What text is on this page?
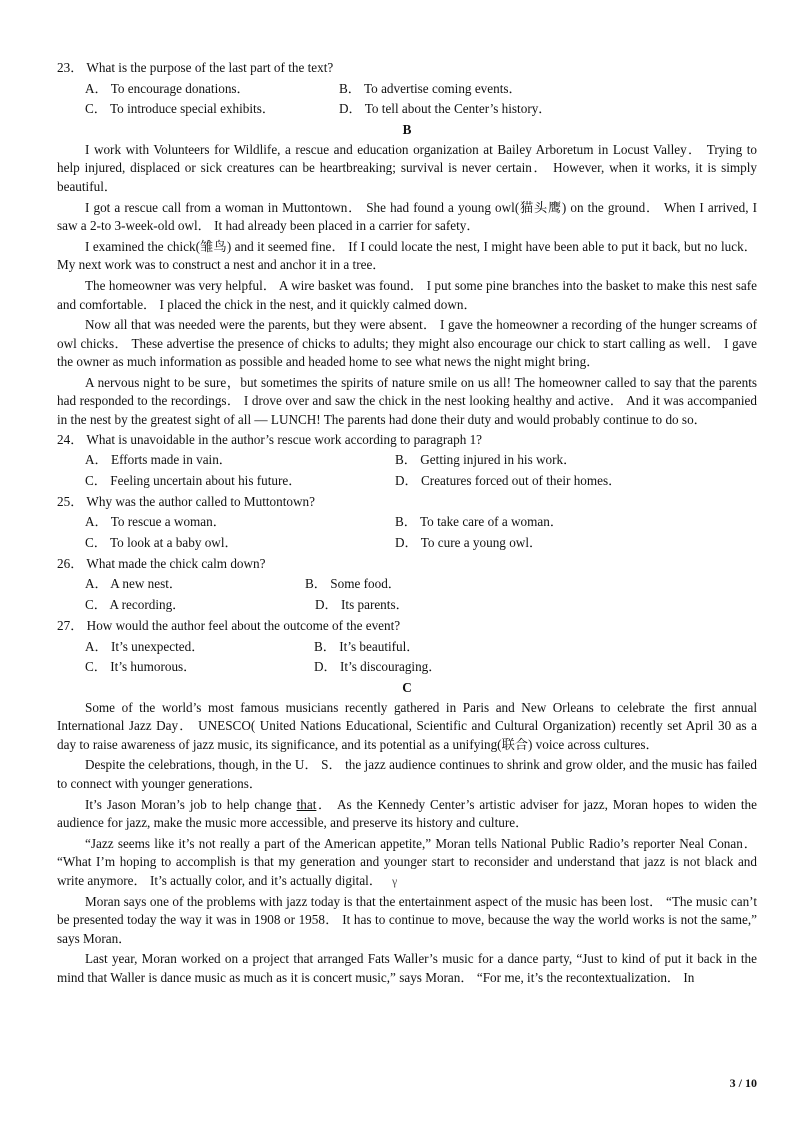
23． What is the purpose of the last part of the text?
A． To encourage donations．	B． To advertise coming events．
C． To introduce special exhibits．	D． To tell about the Center’s history．
B

I work with Volunteers for Wildlife, a rescue and education organization at Bailey Arboretum in Locust Valley． Trying to help injured, displaced or sick creatures can be heartbreaking; survival is never certain． However, when it works, it is simply beautiful．

I got a rescue call from a woman in Muttontown． She had found a young owl(猫头鹰) on the ground． When I arrived, I saw a 2-to 3-week-old owl． It had already been placed in a carrier for safety．

I examined the chick(雏鸟) and it seemed fine． If I could locate the nest, I might have been able to put it back, but no luck． My next work was to construct a nest and anchor it in a tree．

The homeowner was very helpful． A wire basket was found． I put some pine branches into the basket to make this nest safe and comfortable． I placed the chick in the nest, and it quickly calmed down．

Now all that was needed were the parents, but they were absent． I gave the homeowner a recording of the hunger screams of owl chicks． These advertise the presence of chicks to adults; they might also encourage our chick to start calling as well． I gave the owner as much information as possible and headed home to see what news the night might bring．

A nervous night to be sure，but sometimes the spirits of nature smile on us all! The homeowner called to say that the parents had responded to the recordings． I drove over and saw the chick in the nest looking healthy and active． And it was accompanied in the nest by the greatest sight of all — LUNCH! The parents had done their duty and would probably continue to do so．

24． What is unavoidable in the author’s rescue work according to paragraph 1?
A． Efforts made in vain．	B． Getting injured in his work．
C． Feeling uncertain about his future．	D． Creatures forced out of their homes．
25． Why was the author called to Muttontown?
A． To rescue a woman．	B． To take care of a woman．
C． To look at a baby owl．	D． To cure a young owl．
26． What made the chick calm down?
A． A new nest．	B． Some food．
C． A recording．	D． Its parents．
27． How would the author feel about the outcome of the event?
A． It’s unexpected．	B． It’s beautiful．
C． It’s humorous．	D． It’s discouraging．
C

Some of the world’s most famous musicians recently gathered in Paris and New Orleans to celebrate the first annual International Jazz Day． UNESCO( United Nations Educational, Scientific and Cultural Organization) recently set April 30 as a day to raise awareness of jazz music, its significance, and its potential as a unifying(联合) voice across cultures．

Despite the celebrations, though, in the U． S． the jazz audience continues to shrink and grow older, and the music has failed to connect with younger generations．

It’s Jason Moran’s job to help change that． As the Kennedy Center’s artistic adviser for jazz, Moran hopes to widen the audience for jazz, make the music more accessible, and preserve its history and culture．

“Jazz seems like it’s not really a part of the American appetite,” Moran tells National Public Radio’s reporter Neal Conan． “What I’m hoping to accomplish is that my generation and younger start to reconsider and understand that jazz is not black and write anymore． It’s actually color, and it’s actually digital． γ

Moran says one of the problems with jazz today is that the entertainment aspect of the music has been lost． “The music can’t be presented today the way it was in 1908 or 1958． It has to continue to move, because the way the world works is not the same,” says Moran．

Last year, Moran worked on a project that arranged Fats Waller’s music for a dance party, “Just to kind of put it back in the mind that Waller is dance music as much as it is concert music,” says Moran． “For me, it’s the recontextualization． In

3 / 10
